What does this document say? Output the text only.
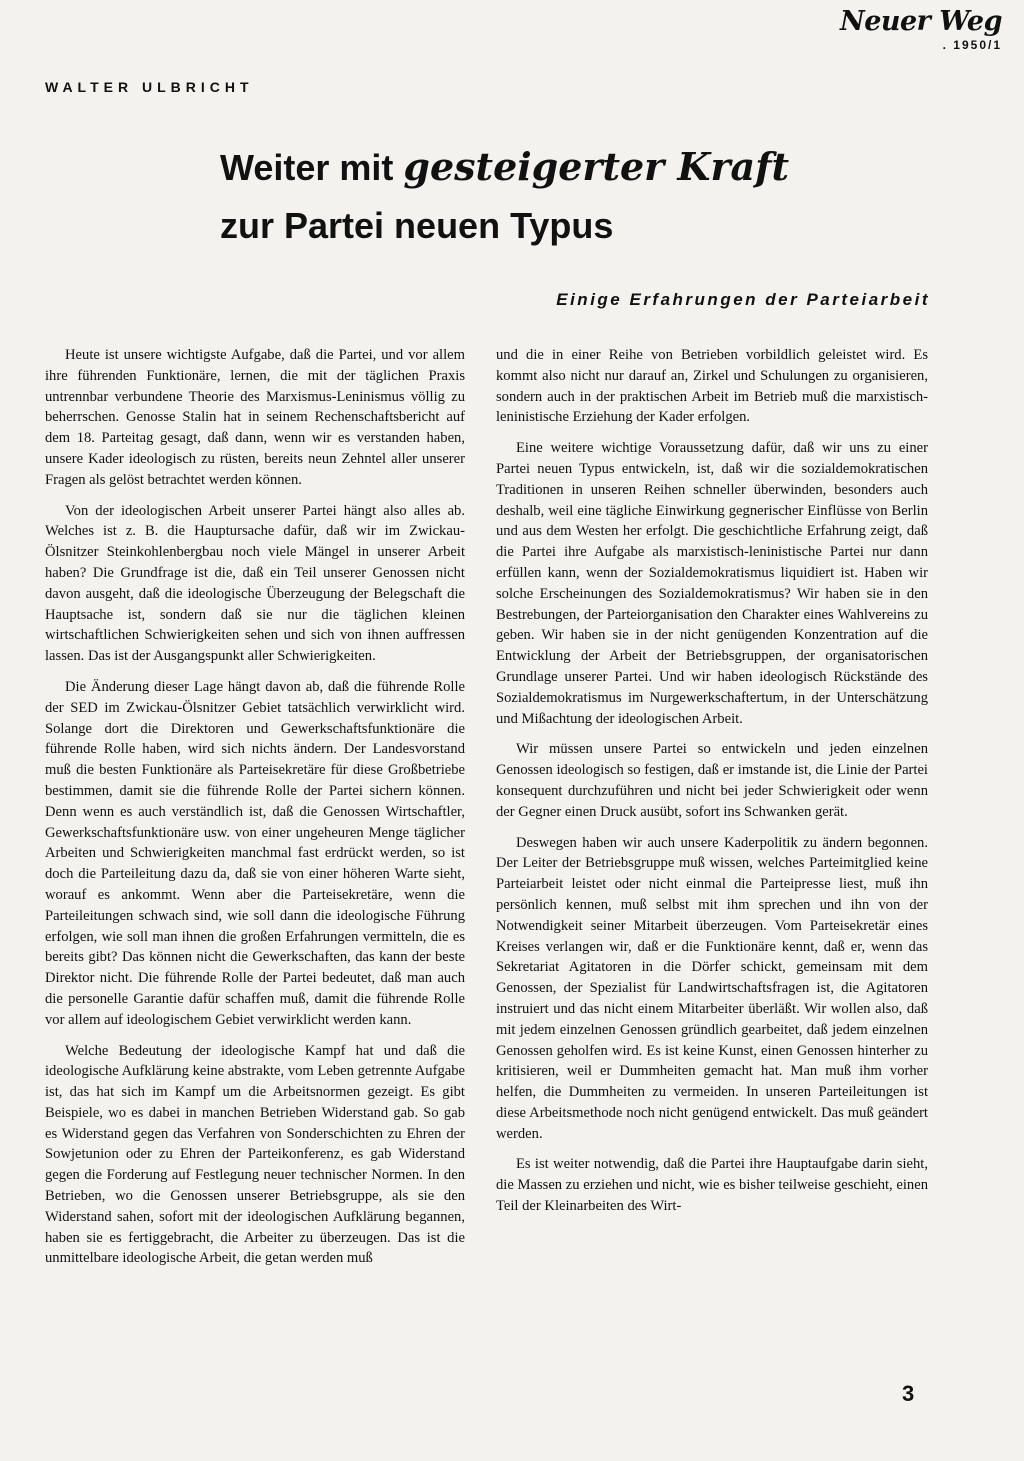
Neuer Weg
. 1950/1
WALTER ULBRICHT
Weiter mit gesteigerter Kraft
zur Partei neuen Typus
Einige Erfahrungen der Parteiarbeit

Heute ist unsere wichtigste Aufgabe, daß die Partei, und vor allem ihre führenden Funktionäre, lernen, die mit der täglichen Praxis untrennbar verbundene Theorie des Marxismus-Leninismus völlig zu beherrschen. Genosse Stalin hat in seinem Rechenschaftsbericht auf dem 18. Parteitag gesagt, daß dann, wenn wir es verstanden haben, unsere Kader ideologisch zu rüsten, bereits neun Zehntel aller unserer Fragen als gelöst betrachtet werden können.

Von der ideologischen Arbeit unserer Partei hängt also alles ab. Welches ist z. B. die Hauptursache dafür, daß wir im Zwickau-Ölsnitzer Steinkohlenbergbau noch viele Mängel in unserer Arbeit haben? Die Grundfrage ist die, daß ein Teil unserer Genossen nicht davon ausgeht, daß die ideologische Überzeugung der Belegschaft die Hauptsache ist, sondern daß sie nur die täglichen kleinen wirtschaftlichen Schwierigkeiten sehen und sich von ihnen auffressen lassen. Das ist der Ausgangspunkt aller Schwierigkeiten.

Die Änderung dieser Lage hängt davon ab, daß die führende Rolle der SED im Zwickau-Ölsnitzer Gebiet tatsächlich verwirklicht wird. Solange dort die Direktoren und Gewerkschaftsfunktionäre die führende Rolle haben, wird sich nichts ändern. Der Landesvorstand muß die besten Funktionäre als Parteisekretäre für diese Großbetriebe bestimmen, damit sie die führende Rolle der Partei sichern können. Denn wenn es auch verständlich ist, daß die Genossen Wirtschaftler, Gewerkschaftsfunktionäre usw. von einer ungeheuren Menge täglicher Arbeiten und Schwierigkeiten manchmal fast erdrückt werden, so ist doch die Parteileitung dazu da, daß sie von einer höheren Warte sieht, worauf es ankommt. Wenn aber die Parteisekretäre, wenn die Parteileitungen schwach sind, wie soll dann die ideologische Führung erfolgen, wie soll man ihnen die großen Erfahrungen vermitteln, die es bereits gibt? Das können nicht die Gewerkschaften, das kann der beste Direktor nicht. Die führende Rolle der Partei bedeutet, daß man auch die personelle Garantie dafür schaffen muß, damit die führende Rolle vor allem auf ideologischem Gebiet verwirklicht werden kann.

Welche Bedeutung der ideologische Kampf hat und daß die ideologische Aufklärung keine abstrakte, vom Leben getrennte Aufgabe ist, das hat sich im Kampf um die Arbeitsnormen gezeigt. Es gibt Beispiele, wo es dabei in manchen Betrieben Widerstand gab. So gab es Widerstand gegen das Verfahren von Sonderschichten zu Ehren der Sowjetunion oder zu Ehren der Parteikonferenz, es gab Widerstand gegen die Forderung auf Festlegung neuer technischer Normen. In den Betrieben, wo die Genossen unserer Betriebsgruppe, als sie den Widerstand sahen, sofort mit der ideologischen Aufklärung begannen, haben sie es fertiggebracht, die Arbeiter zu überzeugen. Das ist die unmittelbare ideologische Arbeit, die getan werden muß

und die in einer Reihe von Betrieben vorbildlich geleistet wird. Es kommt also nicht nur darauf an, Zirkel und Schulungen zu organisieren, sondern auch in der praktischen Arbeit im Betrieb muß die marxistisch-leninistische Erziehung der Kader erfolgen.

Eine weitere wichtige Voraussetzung dafür, daß wir uns zu einer Partei neuen Typus entwickeln, ist, daß wir die sozialdemokratischen Traditionen in unseren Reihen schneller überwinden, besonders auch deshalb, weil eine tägliche Einwirkung gegnerischer Einflüsse von Berlin und aus dem Westen her erfolgt. Die geschichtliche Erfahrung zeigt, daß die Partei ihre Aufgabe als marxistisch-leninistische Partei nur dann erfüllen kann, wenn der Sozialdemokratismus liquidiert ist. Haben wir solche Erscheinungen des Sozialdemokratismus? Wir haben sie in den Bestrebungen, der Parteiorganisation den Charakter eines Wahlvereins zu geben. Wir haben sie in der nicht genügenden Konzentration auf die Entwicklung der Arbeit der Betriebsgruppen, der organisatorischen Grundlage unserer Partei. Und wir haben ideologisch Rückstände des Sozialdemokratismus im Nurgewerkschaftertum, in der Unterschätzung und Mißachtung der ideologischen Arbeit.

Wir müssen unsere Partei so entwickeln und jeden einzelnen Genossen ideologisch so festigen, daß er imstande ist, die Linie der Partei konsequent durchzuführen und nicht bei jeder Schwierigkeit oder wenn der Gegner einen Druck ausübt, sofort ins Schwanken gerät.

Deswegen haben wir auch unsere Kaderpolitik zu ändern begonnen. Der Leiter der Betriebsgruppe muß wissen, welches Parteimitglied keine Parteiarbeit leistet oder nicht einmal die Parteipresse liest, muß ihn persönlich kennen, muß selbst mit ihm sprechen und ihn von der Notwendigkeit seiner Mitarbeit überzeugen. Vom Parteisekretär eines Kreises verlangen wir, daß er die Funktionäre kennt, daß er, wenn das Sekretariat Agitatoren in die Dörfer schickt, gemeinsam mit dem Genossen, der Spezialist für Landwirtschaftsfragen ist, die Agitatoren instruiert und das nicht einem Mitarbeiter überläßt. Wir wollen also, daß mit jedem einzelnen Genossen gründlich gearbeitet, daß jedem einzelnen Genossen geholfen wird. Es ist keine Kunst, einen Genossen hinterher zu kritisieren, weil er Dummheiten gemacht hat. Man muß ihm vorher helfen, die Dummheiten zu vermeiden. In unseren Parteileitungen ist diese Arbeitsmethode noch nicht genügend entwickelt. Das muß geändert werden.

Es ist weiter notwendig, daß die Partei ihre Hauptaufgabe darin sieht, die Massen zu erziehen und nicht, wie es bisher teilweise geschieht, einen Teil der Kleinarbeiten des Wirt-

3
